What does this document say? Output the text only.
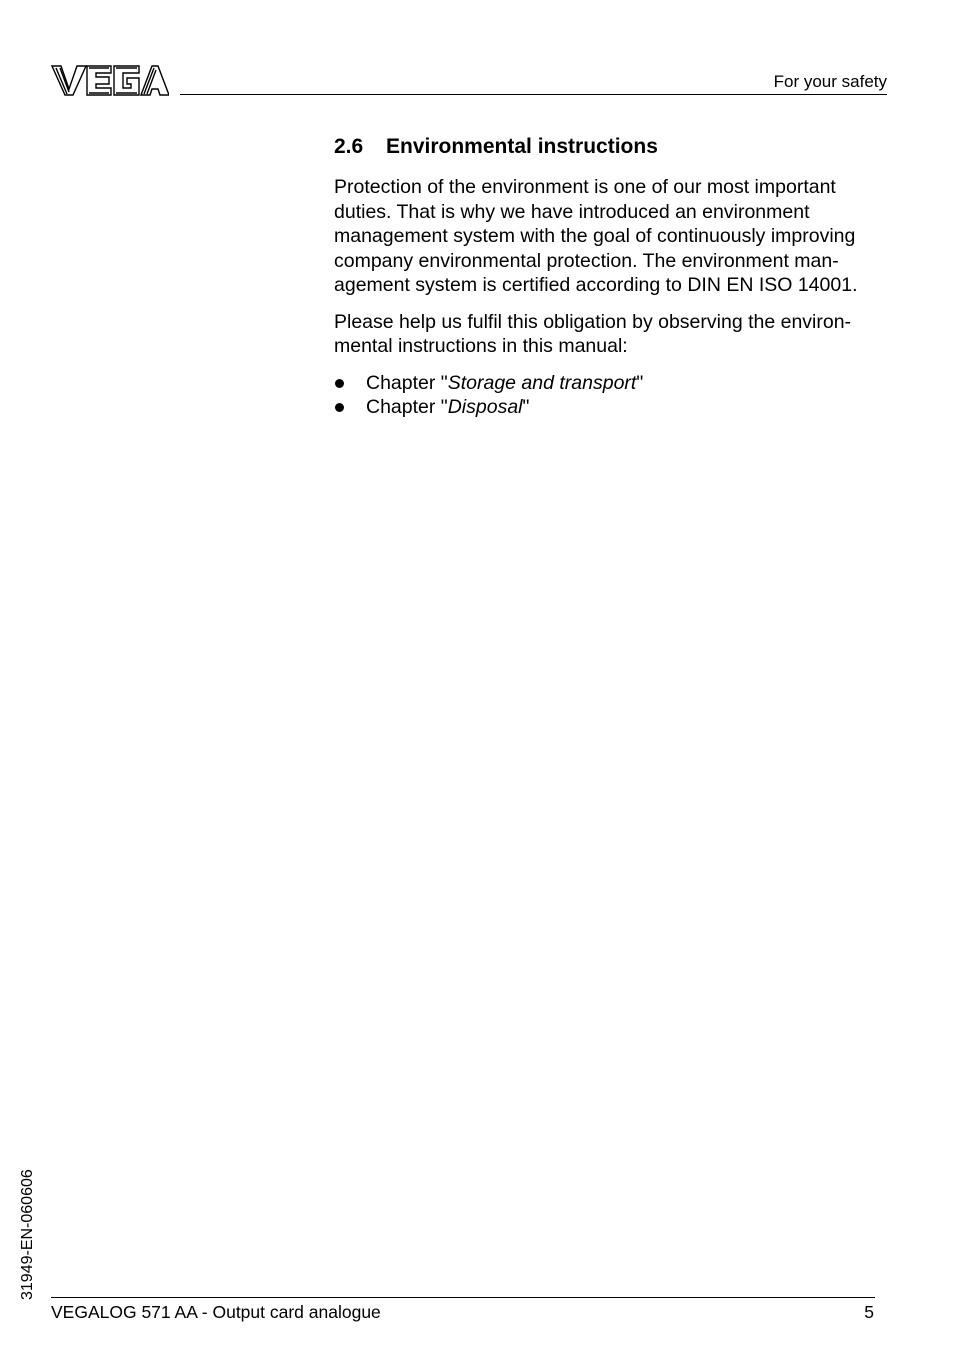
For your safety
2.6 Environmental instructions

Protection of the environment is one of our most important
duties. That is why we have introduced an environment
management system with the goal of continuously improving
company environmental protection. The environment man-
agement system is certified according to DIN EN ISO 14001.

Please help us fulfil this obligation by observing the environ-
mental instructions in this manual:

Chapter "Storage and transport"
Chapter "Disposal"
31949-EN-060606
VEGALOG 571 AA - Output card analogue	5
